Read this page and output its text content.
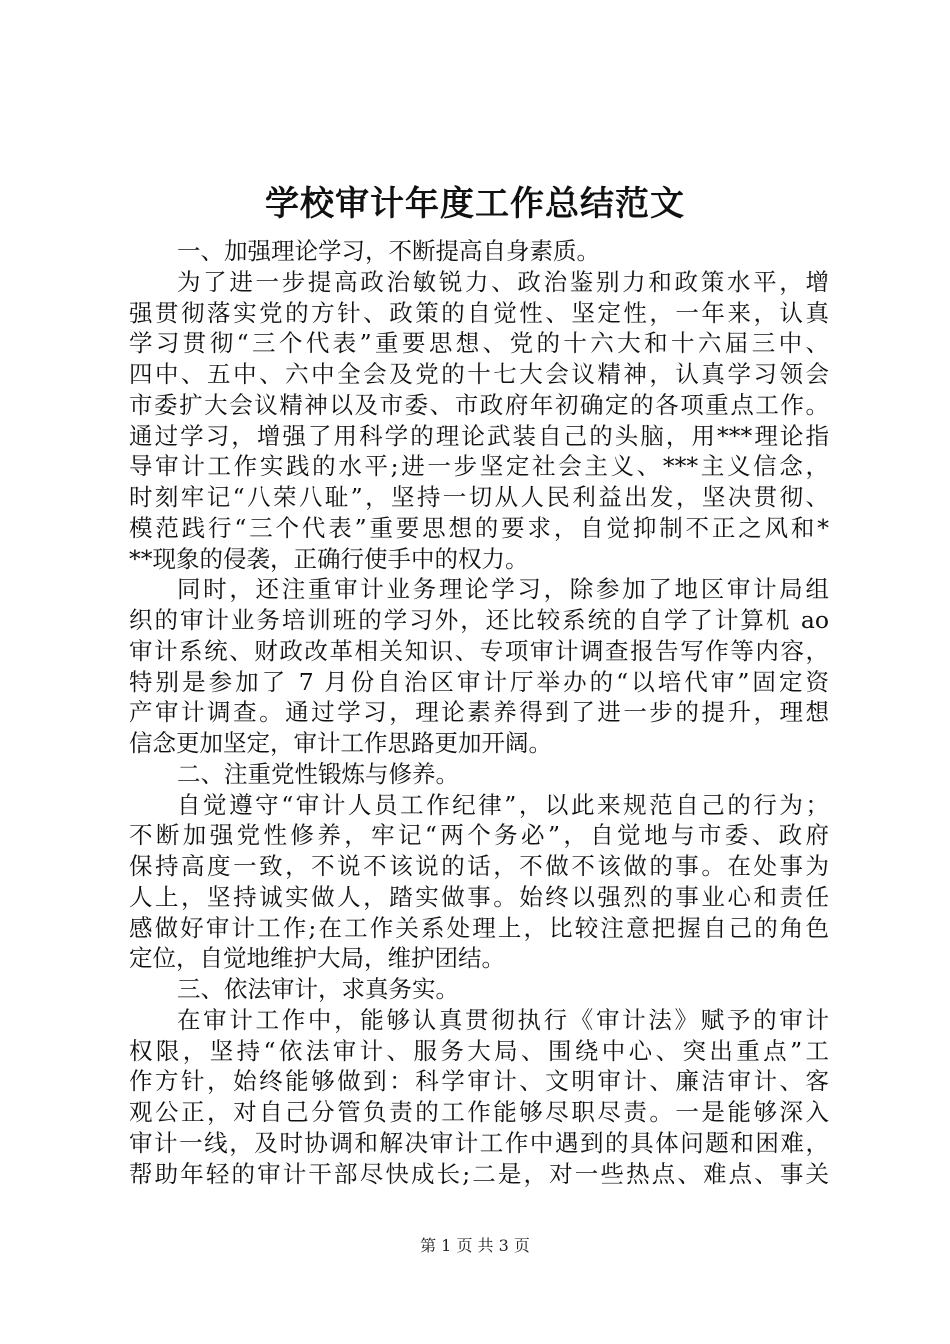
学校审计年度工作总结范文
一、加强理论学习，不断提高自身素质。
为了进一步提高政治敏锐力、政治鉴别力和政策水平，增
强贯彻落实党的方针、政策的自觉性、坚定性，一年来，认真
学习贯彻“三个代表”重要思想、党的十六大和十六届三中、
四中、五中、六中全会及党的十七大会议精神，认真学习领会
市委扩大会议精神以及市委、市政府年初确定的各项重点工作。
通过学习，增强了用科学的理论武装自己的头脑，用***理论指
导审计工作实践的水平;进一步坚定社会主义、***主义信念，
时刻牢记“八荣八耻”，坚持一切从人民利益出发，坚决贯彻、
模范践行“三个代表”重要思想的要求，自觉抑制不正之风和*
**现象的侵袭，正确行使手中的权力。
同时，还注重审计业务理论学习，除参加了地区审计局组
织的审计业务培训班的学习外，还比较系统的自学了计算机 ao
审计系统、财政改革相关知识、专项审计调查报告写作等内容，
特别是参加了 7 月份自治区审计厅举办的“以培代审”固定资
产审计调查。通过学习，理论素养得到了进一步的提升，理想
信念更加坚定，审计工作思路更加开阔。
二、注重党性锻炼与修养。
自觉遵守“审计人员工作纪律”，以此来规范自己的行为；
不断加强党性修养，牢记“两个务必”，自觉地与市委、政府
保持高度一致，不说不该说的话，不做不该做的事。在处事为
人上，坚持诚实做人，踏实做事。始终以强烈的事业心和责任
感做好审计工作;在工作关系处理上，比较注意把握自己的角色
定位，自觉地维护大局，维护团结。
三、依法审计，求真务实。
在审计工作中，能够认真贯彻执行《审计法》赋予的审计
权限，坚持“依法审计、服务大局、围绕中心、突出重点”工
作方针，始终能够做到：科学审计、文明审计、廉洁审计、客
观公正，对自己分管负责的工作能够尽职尽责。一是能够深入
审计一线，及时协调和解决审计工作中遇到的具体问题和困难，
帮助年轻的审计干部尽快成长;二是，对一些热点、难点、事关
第 1 页 共 3 页
